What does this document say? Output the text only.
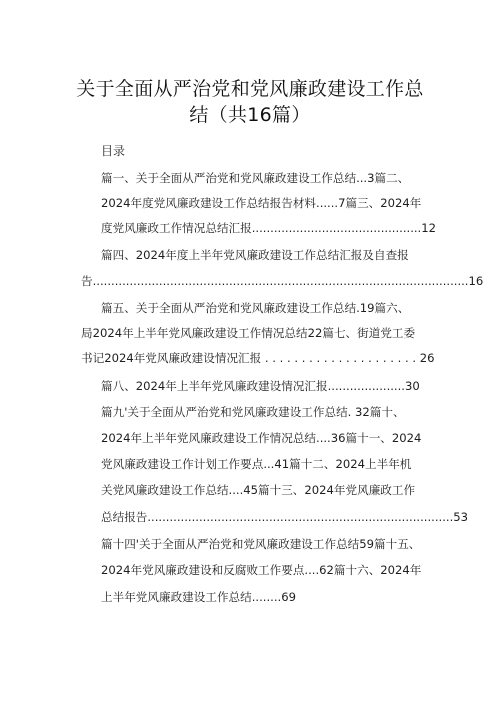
关于全面从严治党和党风廉政建设工作总
结（共16篇）
目录
篇一、关于全面从严治党和党风廉政建设工作总结...3篇二、
2024年度党风廉政建设工作总结报告材料......7篇三、2024年
度党风廉政工作情况总结汇报..............................................12
篇四、2024年度上半年党风廉政建设工作总结汇报及自查报
告......................................................................................................16
篇五、关于全面从严治党和党风廉政建设工作总结.19篇六、
局2024年上半年党风廉政建设工作情况总结22篇七、街道党工委
书记2024年党风廉政建设情况汇报 . . . . . . . . . . . . . . . . . . . . . 26
篇八、2024年上半年党风廉政建设情况汇报.....................30
篇九'关于全面从严治党和党风廉政建设工作总结. 32篇十、
2024年上半年党风廉政建设工作情况总结....36篇十一、2024
党风廉政建设工作计划工作要点...41篇十二、2024上半年机
关党风廉政建设工作总结....45篇十三、2024年党风廉政工作
总结报告...................................................................................53
篇十四'关于全面从严治党和党风廉政建设工作总结59篇十五、
2024年党风廉政建设和反腐败工作要点....62篇十六、2024年
上半年党风廉政建设工作总结........69
